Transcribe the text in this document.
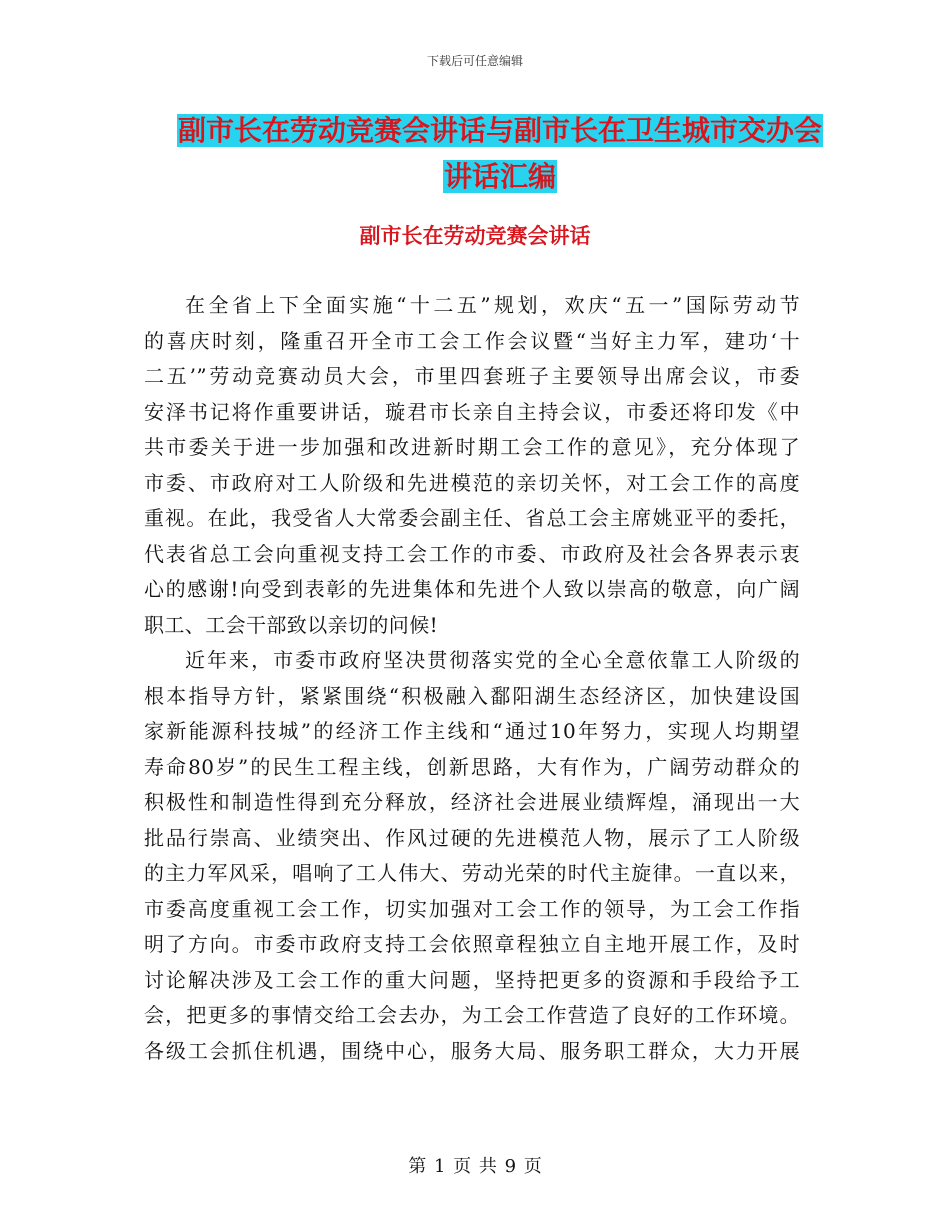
下载后可任意编辑
副市长在劳动竞赛会讲话与副市长在卫生城市交办会
讲话汇编
副市长在劳动竞赛会讲话
在全省上下全面实施“十二五”规划，欢庆“五一”国际劳动节
的喜庆时刻，隆重召开全市工会工作会议暨“当好主力军，建功‘十
二五’”劳动竞赛动员大会，市里四套班子主要领导出席会议，市委
安泽书记将作重要讲话，璇君市长亲自主持会议，市委还将印发《中
共市委关于进一步加强和改进新时期工会工作的意见》，充分体现了
市委、市政府对工人阶级和先进模范的亲切关怀，对工会工作的高度
重视。在此，我受省人大常委会副主任、省总工会主席姚亚平的委托，
代表省总工会向重视支持工会工作的市委、市政府及社会各界表示衷
心的感谢!向受到表彰的先进集体和先进个人致以崇高的敬意，向广阔
职工、工会干部致以亲切的问候!
近年来，市委市政府坚决贯彻落实党的全心全意依靠工人阶级的
根本指导方针，紧紧围绕“积极融入鄱阳湖生态经济区，加快建设国
家新能源科技城”的经济工作主线和“通过10年努力，实现人均期望
寿命80岁”的民生工程主线，创新思路，大有作为，广阔劳动群众的
积极性和制造性得到充分释放，经济社会进展业绩辉煌，涌现出一大
批品行崇高、业绩突出、作风过硬的先进模范人物，展示了工人阶级
的主力军风采，唱响了工人伟大、劳动光荣的时代主旋律。一直以来，
市委高度重视工会工作，切实加强对工会工作的领导，为工会工作指
明了方向。市委市政府支持工会依照章程独立自主地开展工作，及时
讨论解决涉及工会工作的重大问题，坚持把更多的资源和手段给予工
会，把更多的事情交给工会去办，为工会工作营造了良好的工作环境。
各级工会抓住机遇，围绕中心，服务大局、服务职工群众，大力开展
第 1 页 共 9 页
